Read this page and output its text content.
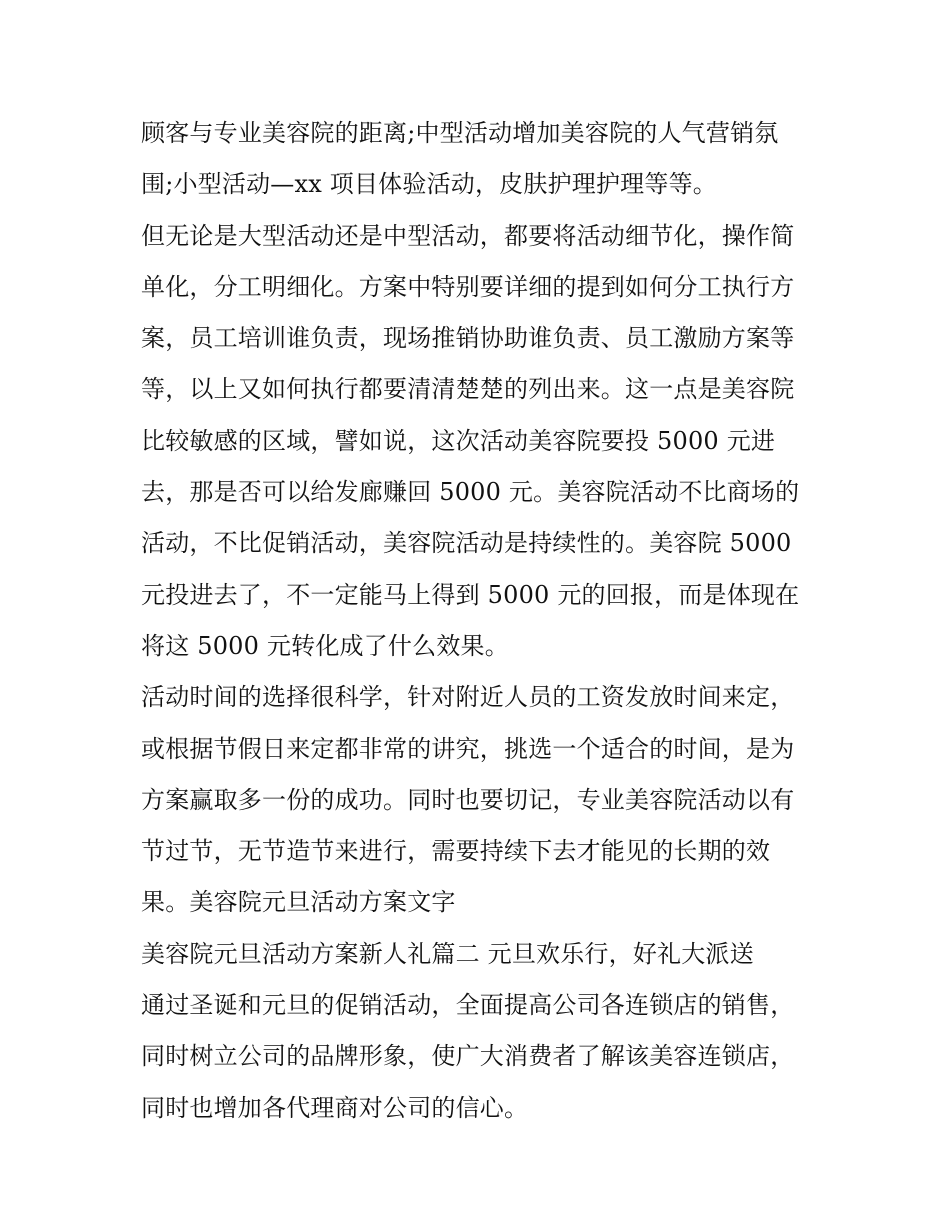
顾客与专业美容院的距离;中型活动增加美容院的人气营销氛
围;小型活动—xx 项目体验活动，皮肤护理护理等等。
但无论是大型活动还是中型活动，都要将活动细节化，操作简
单化，分工明细化。方案中特别要详细的提到如何分工执行方
案，员工培训谁负责，现场推销协助谁负责、员工激励方案等
等，以上又如何执行都要清清楚楚的列出来。这一点是美容院
比较敏感的区域，譬如说，这次活动美容院要投 5000 元进
去，那是否可以给发廊赚回 5000 元。美容院活动不比商场的
活动，不比促销活动，美容院活动是持续性的。美容院 5000
元投进去了，不一定能马上得到 5000 元的回报，而是体现在
将这 5000 元转化成了什么效果。
活动时间的选择很科学，针对附近人员的工资发放时间来定，
或根据节假日来定都非常的讲究，挑选一个适合的时间，是为
方案赢取多一份的成功。同时也要切记，专业美容院活动以有
节过节，无节造节来进行，需要持续下去才能见的长期的效
果。美容院元旦活动方案文字
美容院元旦活动方案新人礼篇二 元旦欢乐行，好礼大派送
通过圣诞和元旦的促销活动，全面提高公司各连锁店的销售，
同时树立公司的品牌形象，使广大消费者了解该美容连锁店，
同时也增加各代理商对公司的信心。
